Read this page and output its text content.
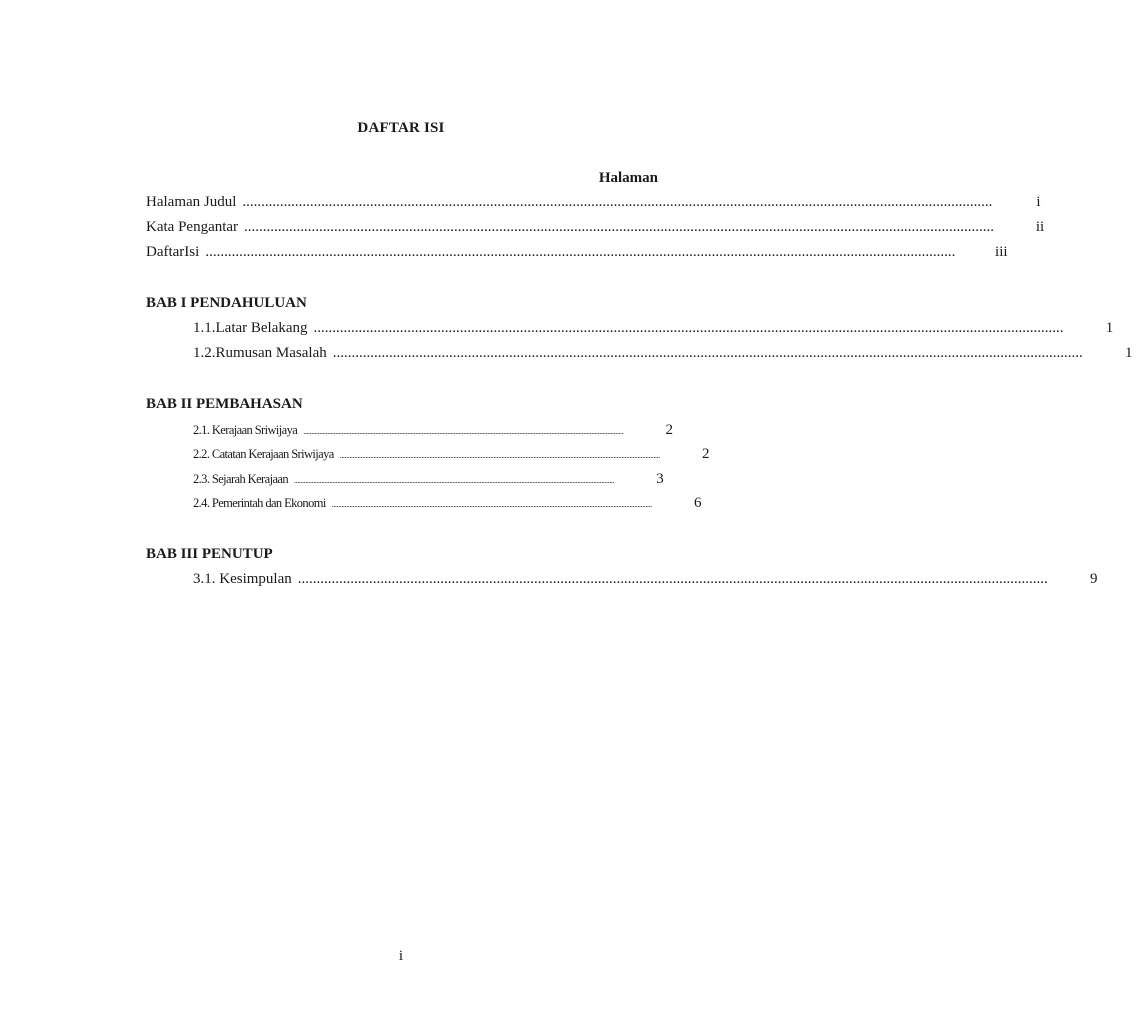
DAFTAR ISI
Halaman
Halaman Judul ........................................................................................................................................................................................................	i
Kata Pengantar ........................................................................................................................................................................................................	ii
DaftarIsi ........................................................................................................................................................................................................	iii
BAB I PENDAHULUAN
1.1.Latar Belakang ........................................................................................................................................................................................................	1
1.2.Rumusan Masalah ........................................................................................................................................................................................................	1
BAB II PEMBAHASAN
2.1. Kerajaan Sriwijaya ........................................................................................................................................................................................................	2
2.2. Catatan Kerajaan Sriwijaya ........................................................................................................................................................................................................	2
2.3. Sejarah Kerajaan ........................................................................................................................................................................................................	3
2.4. Pemerintah dan Ekonomi ........................................................................................................................................................................................................	6
BAB III PENUTUP
3.1. Kesimpulan ........................................................................................................................................................................................................	9
i
